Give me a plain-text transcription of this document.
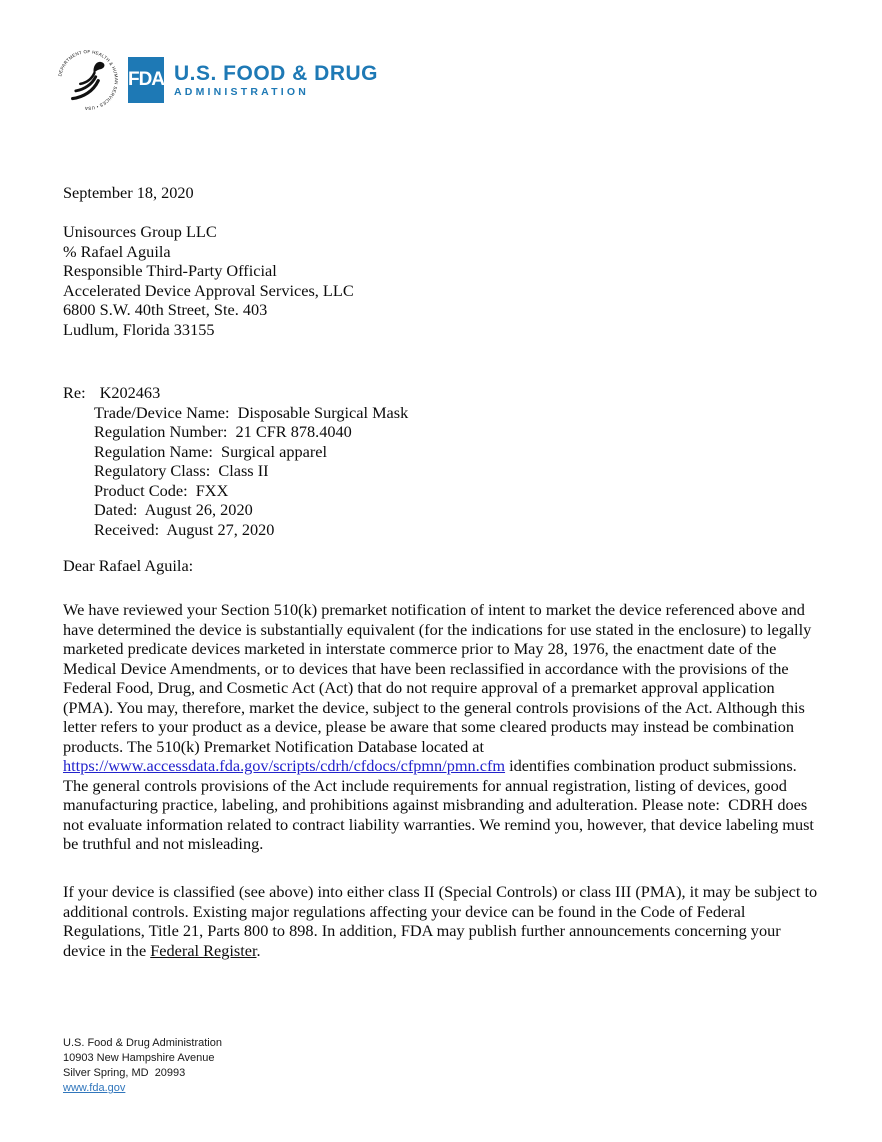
DEPARTMENT OF HEALTH & HUMAN SERVICES • USA
FDA U.S. FOOD & DRUG
ADMINISTRATION
September 18, 2020
Unisources Group LLC
% Rafael Aguila
Responsible Third-Party Official
Accelerated Device Approval Services, LLC
6800 S.W. 40th Street, Ste. 403
Ludlum, Florida 33155
Re: K202463
Trade/Device Name:  Disposable Surgical Mask
Regulation Number:  21 CFR 878.4040
Regulation Name:  Surgical apparel
Regulatory Class:  Class II
Product Code:  FXX
Dated:  August 26, 2020
Received:  August 27, 2020
Dear Rafael Aguila:
We have reviewed your Section 510(k) premarket notification of intent to market the device referenced above and have determined the device is substantially equivalent (for the indications for use stated in the enclosure) to legally marketed predicate devices marketed in interstate commerce prior to May 28, 1976, the enactment date of the Medical Device Amendments, or to devices that have been reclassified in accordance with the provisions of the Federal Food, Drug, and Cosmetic Act (Act) that do not require approval of a premarket approval application (PMA). You may, therefore, market the device, subject to the general controls provisions of the Act. Although this letter refers to your product as a device, please be aware that some cleared products may instead be combination products. The 510(k) Premarket Notification Database located at https://www.accessdata.fda.gov/scripts/cdrh/cfdocs/cfpmn/pmn.cfm identifies combination product submissions. The general controls provisions of the Act include requirements for annual registration, listing of devices, good manufacturing practice, labeling, and prohibitions against misbranding and adulteration. Please note:  CDRH does not evaluate information related to contract liability warranties. We remind you, however, that device labeling must be truthful and not misleading.
If your device is classified (see above) into either class II (Special Controls) or class III (PMA), it may be subject to additional controls. Existing major regulations affecting your device can be found in the Code of Federal Regulations, Title 21, Parts 800 to 898. In addition, FDA may publish further announcements concerning your device in the Federal Register.
U.S. Food & Drug Administration
10903 New Hampshire Avenue
Silver Spring, MD  20993
www.fda.gov
